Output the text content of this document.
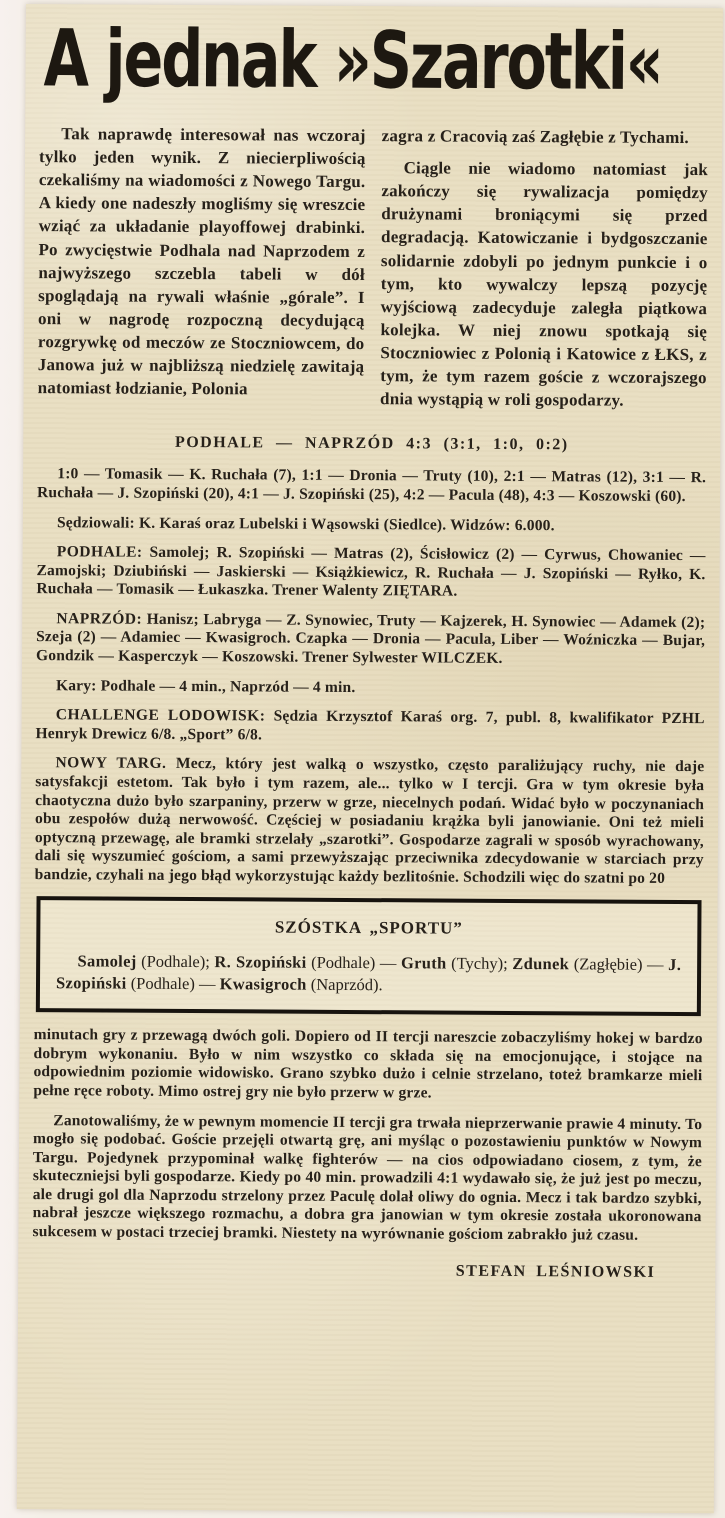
A jednak »Szarotki«

Tak naprawdę interesował nas wczoraj tylko jeden wynik. Z niecierpliwością czekaliśmy na wiadomości z Nowego Targu. A kiedy one nadeszły mogliśmy się wreszcie wziąć za układanie playoffowej drabinki. Po zwycięstwie Podhala nad Naprzodem z najwyższego szczebla tabeli w dół spoglądają na rywali właśnie „górale”. I oni w nagrodę rozpoczną decydującą rozgrywkę od meczów ze Stoczniowcem, do Janowa już w najbliższą niedzielę zawitają natomiast łodzianie, Polonia

zagra z Cracovią zaś Zagłębie z Tychami.

Ciągle nie wiadomo natomiast jak zakończy się rywalizacja pomiędzy drużynami broniącymi się przed degradacją. Katowiczanie i bydgoszczanie solidarnie zdobyli po jednym punkcie i o tym, kto wywalczy lepszą pozycję wyjściową zadecyduje zaległa piątkowa kolejka. W niej znowu spotkają się Stoczniowiec z Polonią i Katowice z ŁKS, z tym, że tym razem goście z wczorajszego dnia wystąpią w roli gospodarzy.

PODHALE — NAPRZÓD 4:3 (3:1, 1:0, 0:2)

1:0 — Tomasik — K. Ruchała (7), 1:1 — Dronia — Truty (10), 2:1 — Matras (12), 3:1 — R. Ruchała — J. Szopiński (20), 4:1 — J. Szopiński (25), 4:2 — Pacula (48), 4:3 — Koszowski (60).

Sędziowali: K. Karaś oraz Lubelski i Wąsowski (Siedlce). Widzów: 6.000.

PODHALE: Samolej; R. Szopiński — Matras (2), Ścisłowicz (2) — Cyrwus, Chowaniec — Zamojski; Dziubiński — Jaskierski — Książkiewicz, R. Ruchała — J. Szopiński — Ryłko, K. Ruchała — Tomasik — Łukaszka. Trener Walenty ZIĘTARA.

NAPRZÓD: Hanisz; Labryga — Z. Synowiec, Truty — Kajzerek, H. Synowiec — Adamek (2); Szeja (2) — Adamiec — Kwasigroch. Czapka — Dronia — Pacula, Liber — Woźniczka — Bujar, Gondzik — Kasperczyk — Koszowski. Trener Sylwester WILCZEK.

Kary: Podhale — 4 min., Naprzód — 4 min.

CHALLENGE LODOWISK: Sędzia Krzysztof Karaś org. 7, publ. 8, kwalifikator PZHL Henryk Drewicz 6/8. „Sport” 6/8.

NOWY TARG. Mecz, który jest walką o wszystko, często paraliżujący ruchy, nie daje satysfakcji estetom. Tak było i tym razem, ale... tylko w I tercji. Gra w tym okresie była chaotyczna dużo było szarpaniny, przerw w grze, niecelnych podań. Widać było w poczynaniach obu zespołów dużą nerwowość. Częściej w posiadaniu krążka byli janowianie. Oni też mieli optyczną przewagę, ale bramki strzelały „szarotki”. Gospodarze zagrali w sposób wyrachowany, dali się wyszumieć gościom, a sami przewyższając przeciwnika zdecydowanie w starciach przy bandzie, czyhali na jego błąd wykorzystując każdy bezlitośnie. Schodzili więc do szatni po 20

SZÓSTKA „SPORTU”

Samolej (Podhale); R. Szopiński (Podhale) — Gruth (Tychy); Zdunek (Zagłębie) — J. Szopiński (Podhale) — Kwasigroch (Naprzód).

minutach gry z przewagą dwóch goli. Dopiero od II tercji nareszcie zobaczyliśmy hokej w bardzo dobrym wykonaniu. Było w nim wszystko co składa się na emocjonujące, i stojące na odpowiednim poziomie widowisko. Grano szybko dużo i celnie strzelano, toteż bramkarze mieli pełne ręce roboty. Mimo ostrej gry nie było przerw w grze.

Zanotowaliśmy, że w pewnym momencie II tercji gra trwała nieprzerwanie prawie 4 minuty. To mogło się podobać. Goście przejęli otwartą grę, ani myśląc o pozostawieniu punktów w Nowym Targu. Pojedynek przypominał walkę fighterów — na cios odpowiadano ciosem, z tym, że skuteczniejsi byli gospodarze. Kiedy po 40 min. prowadzili 4:1 wydawało się, że już jest po meczu, ale drugi gol dla Naprzodu strzelony przez Paculę dolał oliwy do ognia. Mecz i tak bardzo szybki, nabrał jeszcze większego rozmachu, a dobra gra janowian w tym okresie została ukoronowana sukcesem w postaci trzeciej bramki. Niestety na wyrównanie gościom zabrakło już czasu.

STEFAN LEŚNIOWSKI
